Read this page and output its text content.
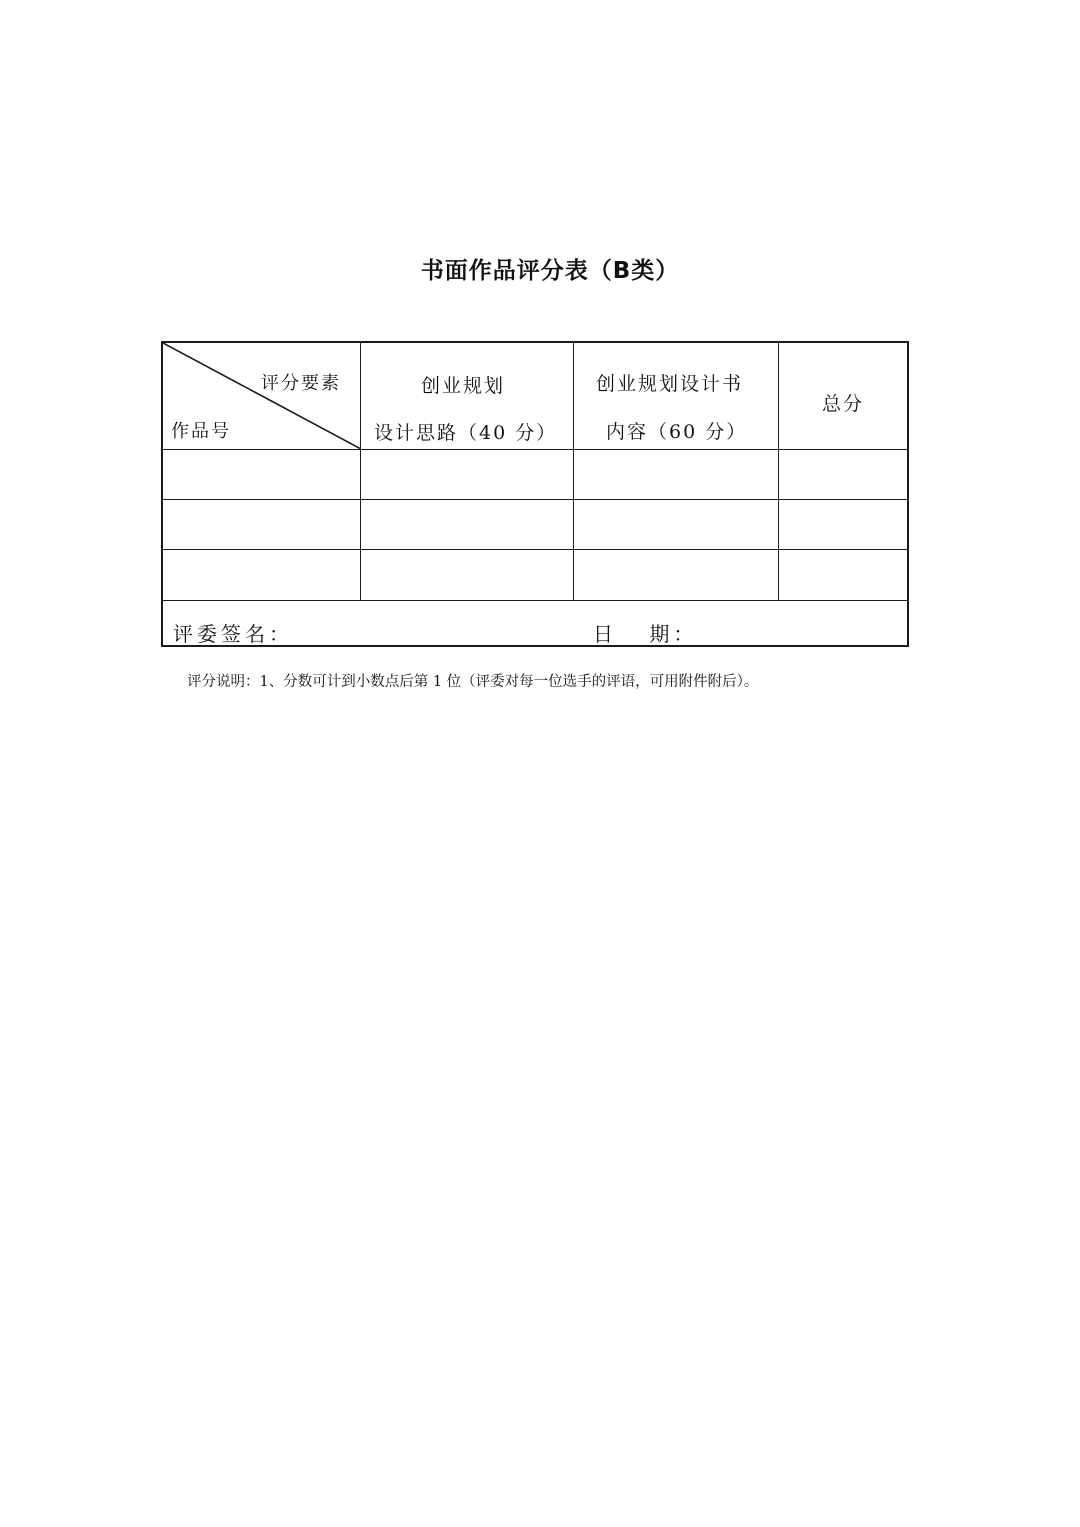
书面作品评分表（B类）
评分要素
作品号
创业规划
设计思路（40 分）
创业规划设计书
内容（60 分）
总分
评委签名：	日 期：
评分说明：1、分数可计到小数点后第 1 位（评委对每一位选手的评语，可用附件附后）。
